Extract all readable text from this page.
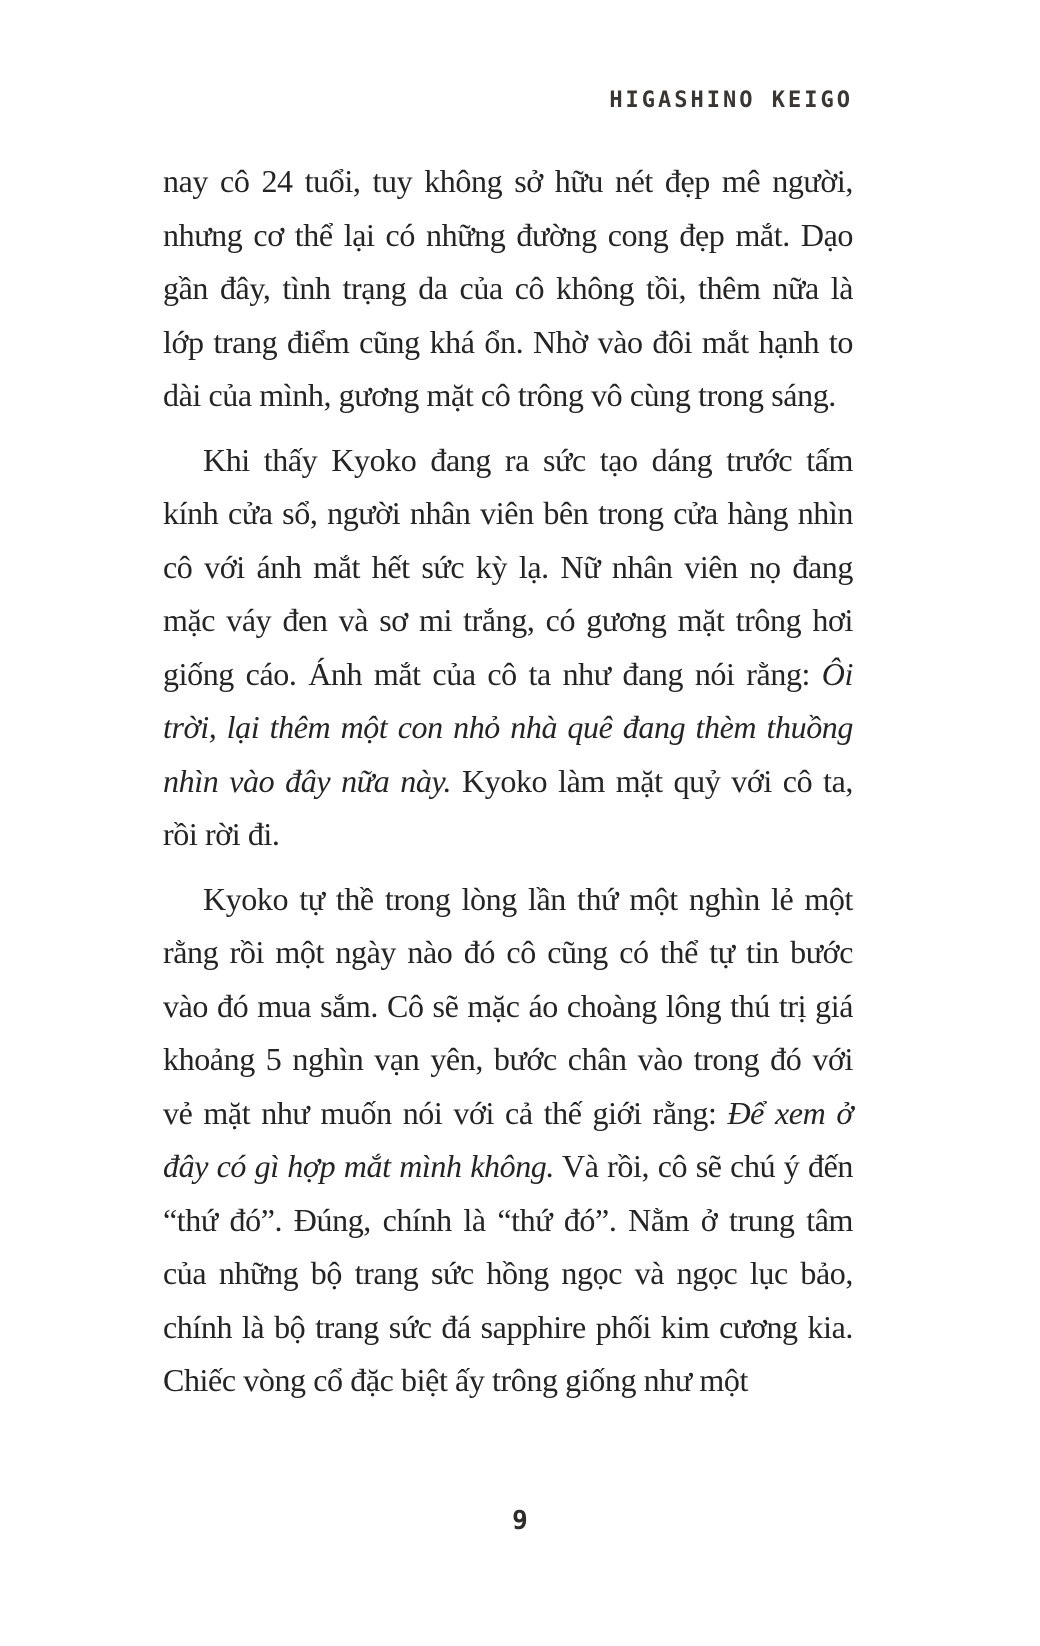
HIGASHINO KEIGO

nay cô 24 tuổi, tuy không sở hữu nét đẹp mê người, nhưng cơ thể lại có những đường cong đẹp mắt. Dạo gần đây, tình trạng da của cô không tồi, thêm nữa là lớp trang điểm cũng khá ổn. Nhờ vào đôi mắt hạnh to dài của mình, gương mặt cô trông vô cùng trong sáng.

Khi thấy Kyoko đang ra sức tạo dáng trước tấm kính cửa sổ, người nhân viên bên trong cửa hàng nhìn cô với ánh mắt hết sức kỳ lạ. Nữ nhân viên nọ đang mặc váy đen và sơ mi trắng, có gương mặt trông hơi giống cáo. Ánh mắt của cô ta như đang nói rằng: Ôi trời, lại thêm một con nhỏ nhà quê đang thèm thuồng nhìn vào đây nữa này. Kyoko làm mặt quỷ với cô ta, rồi rời đi.

Kyoko tự thề trong lòng lần thứ một nghìn lẻ một rằng rồi một ngày nào đó cô cũng có thể tự tin bước vào đó mua sắm. Cô sẽ mặc áo choàng lông thú trị giá khoảng 5 nghìn vạn yên, bước chân vào trong đó với vẻ mặt như muốn nói với cả thế giới rằng: Để xem ở đây có gì hợp mắt mình không. Và rồi, cô sẽ chú ý đến “thứ đó”. Đúng, chính là “thứ đó”. Nằm ở trung tâm của những bộ trang sức hồng ngọc và ngọc lục bảo, chính là bộ trang sức đá sapphire phối kim cương kia. Chiếc vòng cổ đặc biệt ấy trông giống như một

9
